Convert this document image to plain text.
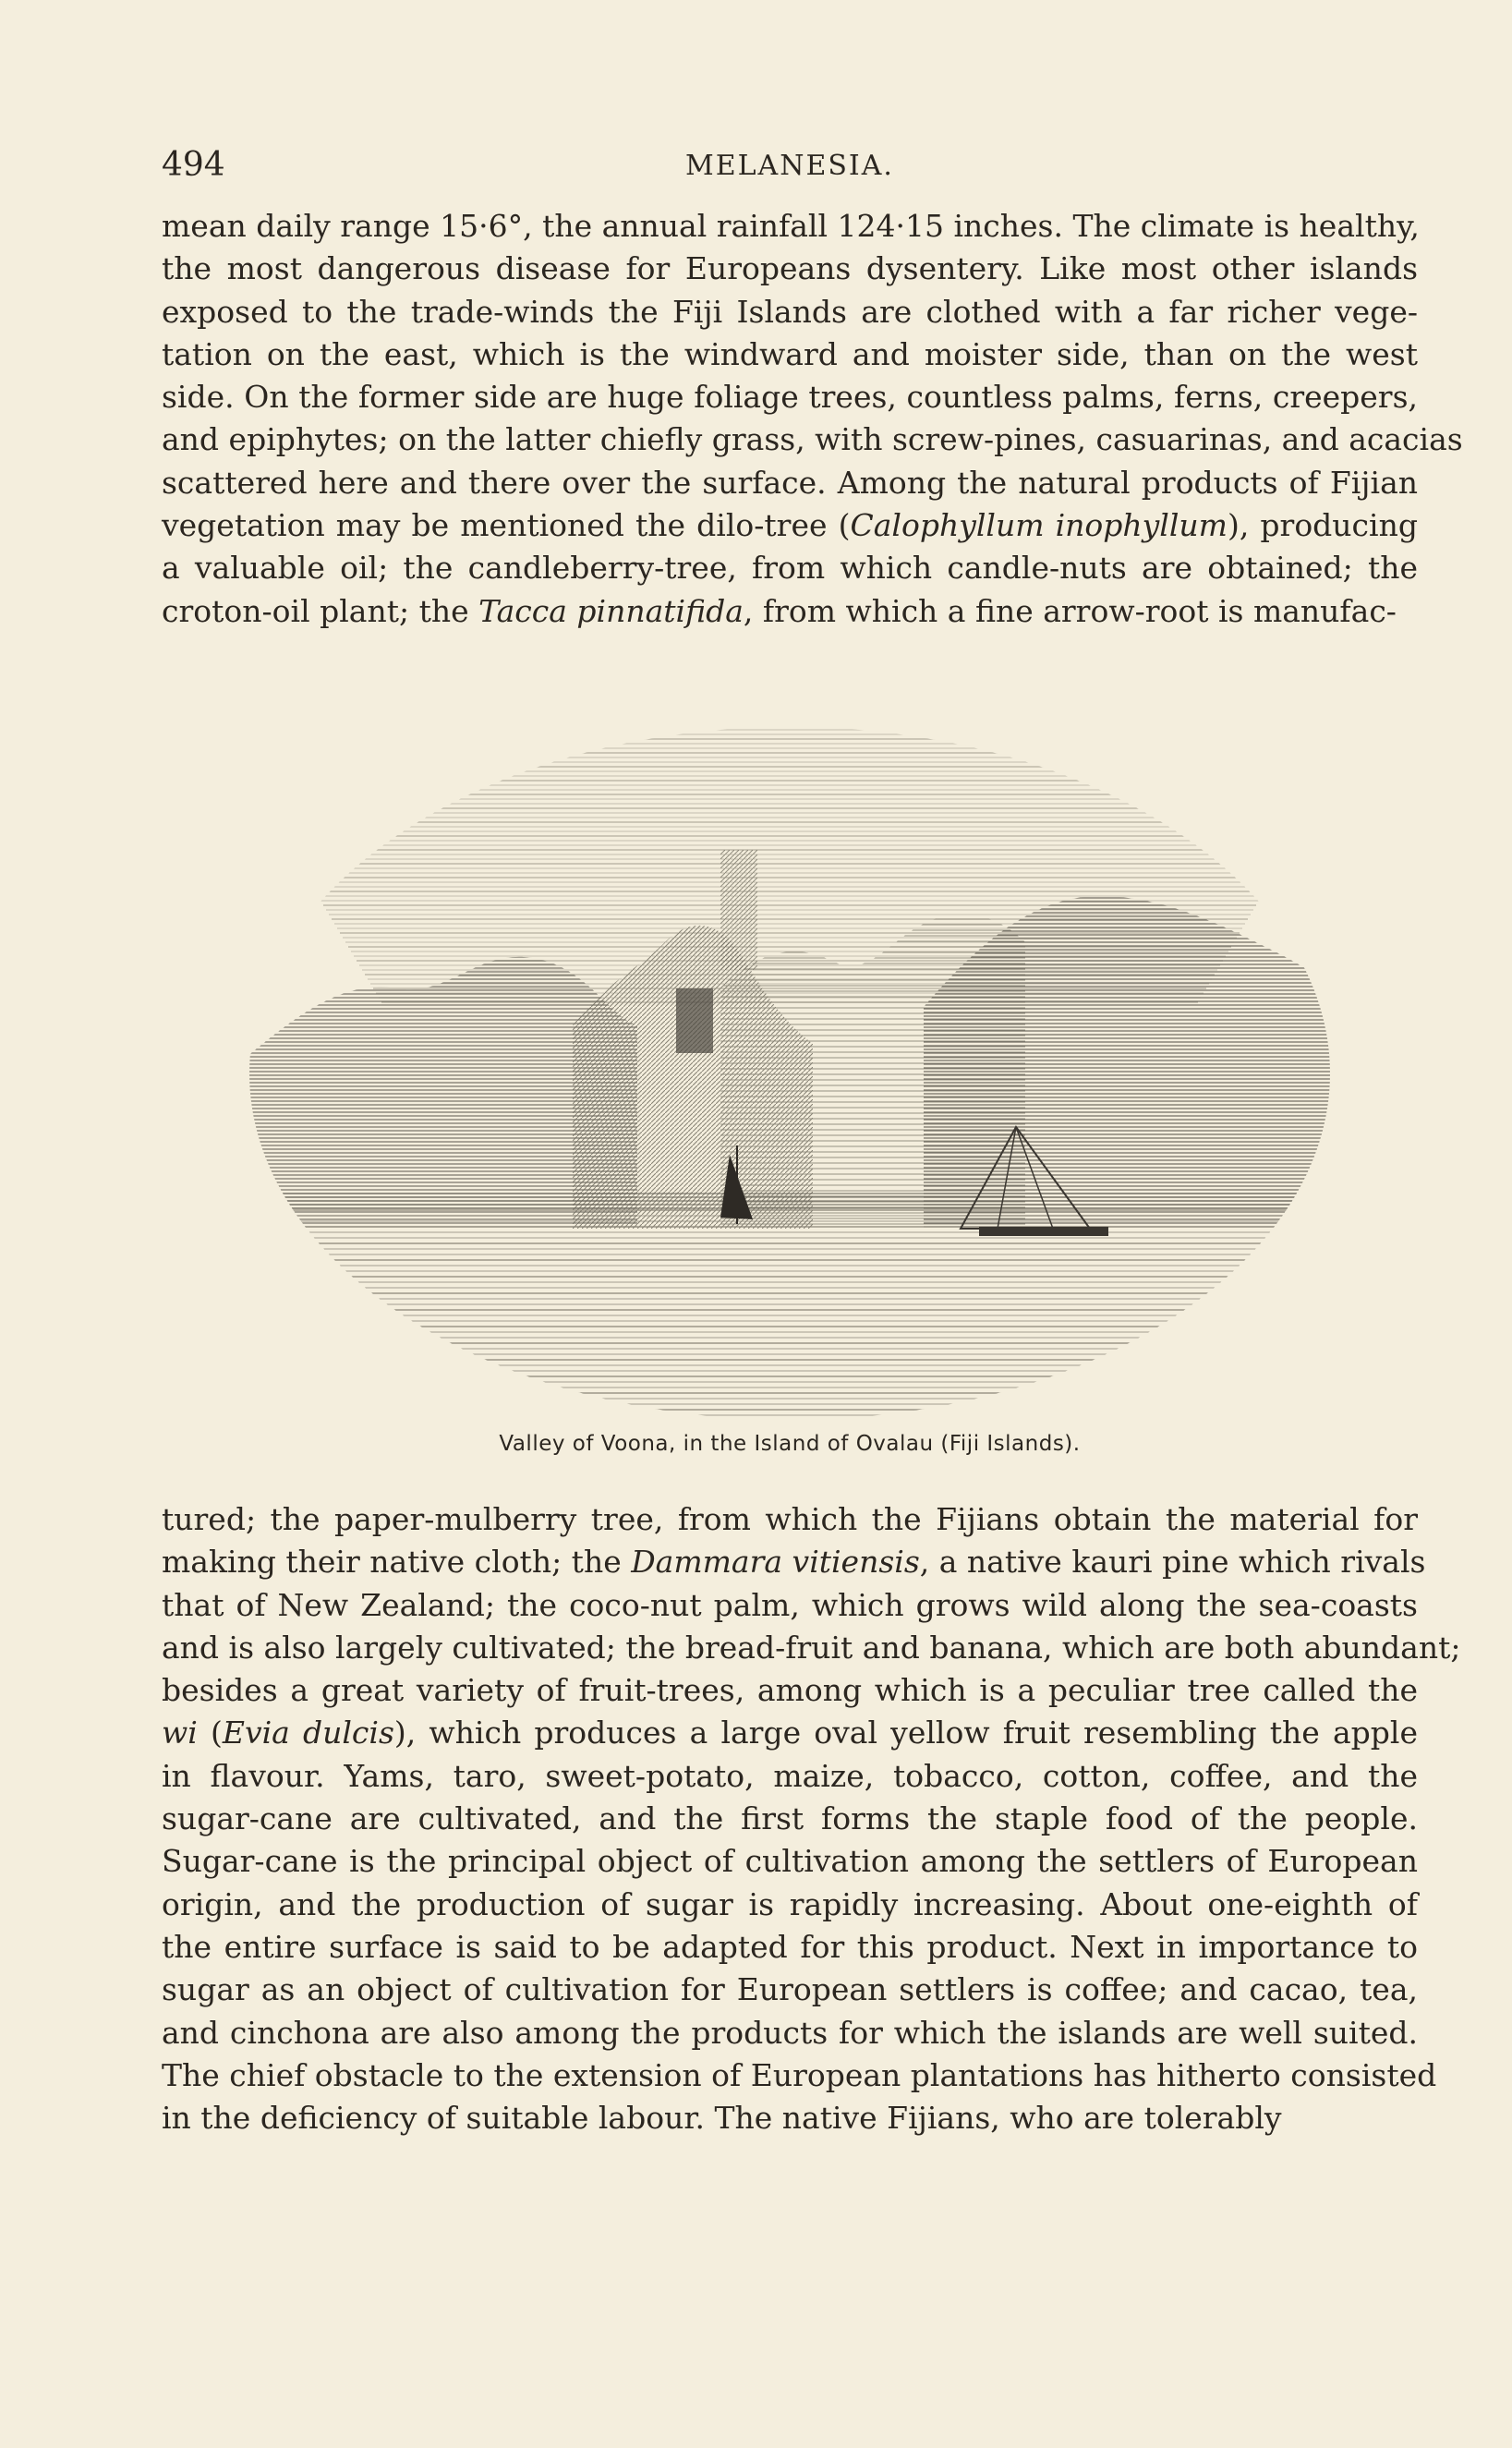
494	MELANESIA.
mean daily range 15·6°, the annual rainfall 124·15 inches. The climate is healthy,
the most dangerous disease for Europeans dysentery. Like most other islands
exposed to the trade-winds the Fiji Islands are clothed with a far richer vege-
tation on the east, which is the windward and moister side, than on the west
side. On the former side are huge foliage trees, countless palms, ferns, creepers,
and epiphytes; on the latter chiefly grass, with screw-pines, casuarinas, and acacias
scattered here and there over the surface. Among the natural products of Fijian
vegetation may be mentioned the dilo-tree (Calophyllum inophyllum), producing
a valuable oil; the candleberry-tree, from which candle-nuts are obtained; the
croton-oil plant; the Tacca pinnatifida, from which a fine arrow-root is manufac-
Valley of Voona, in the Island of Ovalau (Fiji Islands).
tured; the paper-mulberry tree, from which the Fijians obtain the material for
making their native cloth; the Dammara vitiensis, a native kauri pine which rivals
that of New Zealand; the coco-nut palm, which grows wild along the sea-coasts
and is also largely cultivated; the bread-fruit and banana, which are both abundant;
besides a great variety of fruit-trees, among which is a peculiar tree called the
wi (Evia dulcis), which produces a large oval yellow fruit resembling the apple
in flavour. Yams, taro, sweet-potato, maize, tobacco, cotton, coffee, and the
sugar-cane are cultivated, and the first forms the staple food of the people.
Sugar-cane is the principal object of cultivation among the settlers of European
origin, and the production of sugar is rapidly increasing. About one-eighth of
the entire surface is said to be adapted for this product. Next in importance to
sugar as an object of cultivation for European settlers is coffee; and cacao, tea,
and cinchona are also among the products for which the islands are well suited.
The chief obstacle to the extension of European plantations has hitherto consisted
in the deficiency of suitable labour. The native Fijians, who are tolerably
